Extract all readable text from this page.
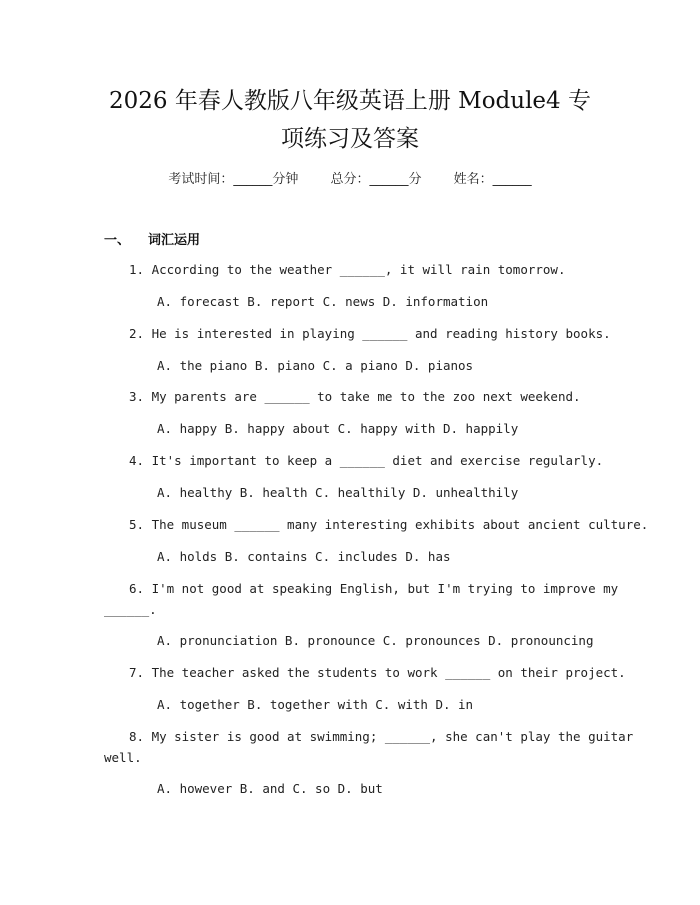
2026 年春人教版八年级英语上册 Module4 专
项练习及答案
考试时间：______分钟 总分：______分 姓名：______
一、 词汇运用
1. According to the weather ______, it will rain tomorrow.
A. forecast B. report C. news D. information
2. He is interested in playing ______ and reading history books.
A. the piano B. piano C. a piano D. pianos
3. My parents are ______ to take me to the zoo next weekend.
A. happy B. happy about C. happy with D. happily
4. It's important to keep a ______ diet and exercise regularly.
A. healthy B. health C. healthily D. unhealthily
5. The museum ______ many interesting exhibits about ancient culture.
A. holds B. contains C. includes D. has
6. I'm not good at speaking English, but I'm trying to improve my
______.
A. pronunciation B. pronounce C. pronounces D. pronouncing
7. The teacher asked the students to work ______ on their project.
A. together B. together with C. with D. in
8. My sister is good at swimming; ______, she can't play the guitar
well.
A. however B. and C. so D. but
